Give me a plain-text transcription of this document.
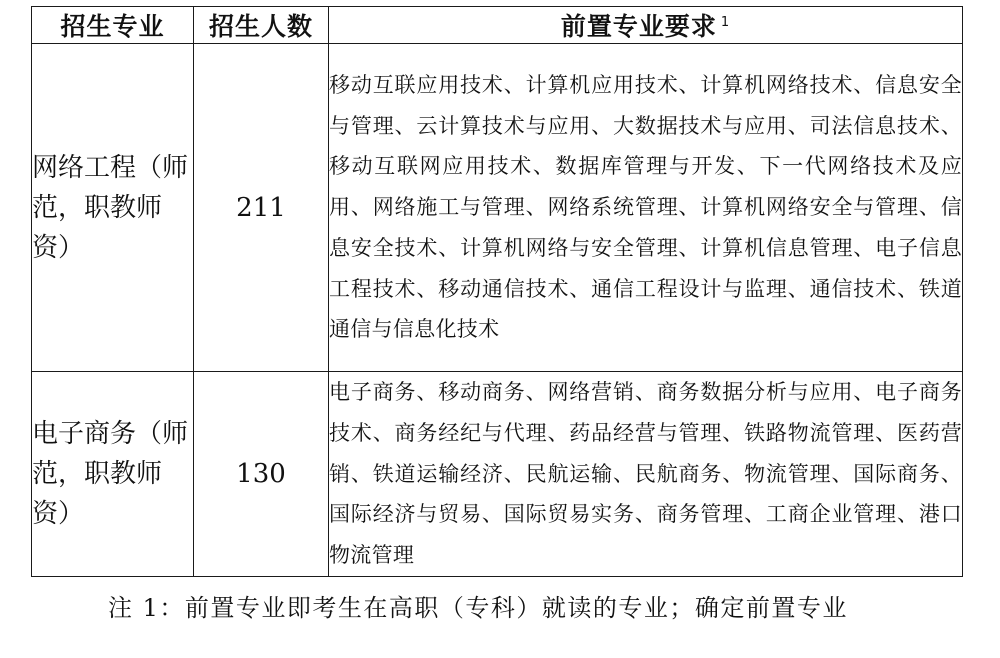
招生专业	招生人数	前置专业要求 $^1$
网络工程（师范，职教师资）	211	移动互联应用技术、计算机应用技术、计算机网络技术、信息安全与管理、云计算技术与应用、大数据技术与应用、司法信息技术、移动互联网应用技术、数据库管理与开发、下一代网络技术及应用、网络施工与管理、网络系统管理、计算机网络安全与管理、信息安全技术、计算机网络与安全管理、计算机信息管理、电子信息工程技术、移动通信技术、通信工程设计与监理、通信技术、铁道通信与信息化技术
电子商务（师范，职教师资）	130	电子商务、移动商务、网络营销、商务数据分析与应用、电子商务技术、商务经纪与代理、药品经营与管理、铁路物流管理、医药营销、铁道运输经济、民航运输、民航商务、物流管理、国际商务、国际经济与贸易、国际贸易实务、商务管理、工商企业管理、港口物流管理
注 1：前置专业即考生在高职（专科）就读的专业；确定前置专业
